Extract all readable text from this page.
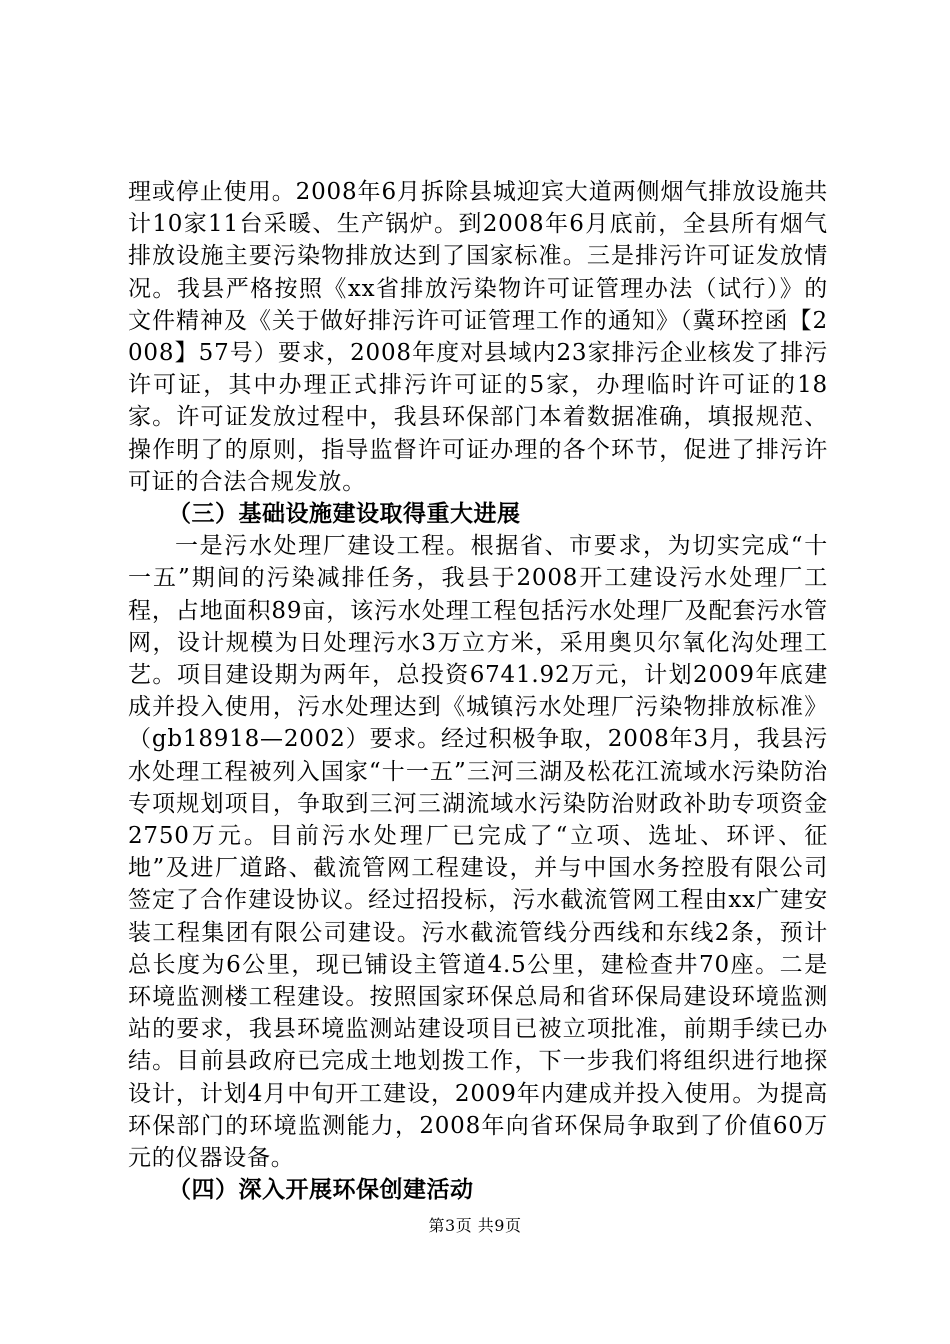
理或停止使用。2008年6月拆除县城迎宾大道两侧烟气排放设施共计10家11台采暖、生产锅炉。到2008年6月底前，全县所有烟气排放设施主要污染物排放达到了国家标准。三是排污许可证发放情况。我县严格按照《xx省排放污染物许可证管理办法（试行）》的文件精神及《关于做好排污许可证管理工作的通知》（冀环控函【2008】57号）要求，2008年度对县域内23家排污企业核发了排污许可证，其中办理正式排污许可证的5家，办理临时许可证的18家。许可证发放过程中，我县环保部门本着数据准确，填报规范、操作明了的原则，指导监督许可证办理的各个环节，促进了排污许可证的合法合规发放。

（三）基础设施建设取得重大进展

一是污水处理厂建设工程。根据省、市要求，为切实完成“十一五”期间的污染减排任务，我县于2008开工建设污水处理厂工程，占地面积89亩，该污水处理工程包括污水处理厂及配套污水管网，设计规模为日处理污水3万立方米，采用奥贝尔氧化沟处理工艺。项目建设期为两年，总投资6741.92万元，计划2009年底建成并投入使用，污水处理达到《城镇污水处理厂污染物排放标准》（gb18918—2002）要求。经过积极争取，2008年3月，我县污水处理工程被列入国家“十一五”三河三湖及松花江流域水污染防治专项规划项目，争取到三河三湖流域水污染防治财政补助专项资金2750万元。目前污水处理厂已完成了“立项、选址、环评、征地”及进厂道路、截流管网工程建设，并与中国水务控股有限公司签定了合作建设协议。经过招投标，污水截流管网工程由xx广建安装工程集团有限公司建设。污水截流管线分西线和东线2条，预计总长度为6公里，现已铺设主管道4.5公里，建检查井70座。二是环境监测楼工程建设。按照国家环保总局和省环保局建设环境监测站的要求，我县环境监测站建设项目已被立项批准，前期手续已办结。目前县政府已完成土地划拨工作，下一步我们将组织进行地探设计，计划4月中旬开工建设，2009年内建成并投入使用。为提高环保部门的环境监测能力，2008年向省环保局争取到了价值60万元的仪器设备。

（四）深入开展环保创建活动

第3页 共9页
